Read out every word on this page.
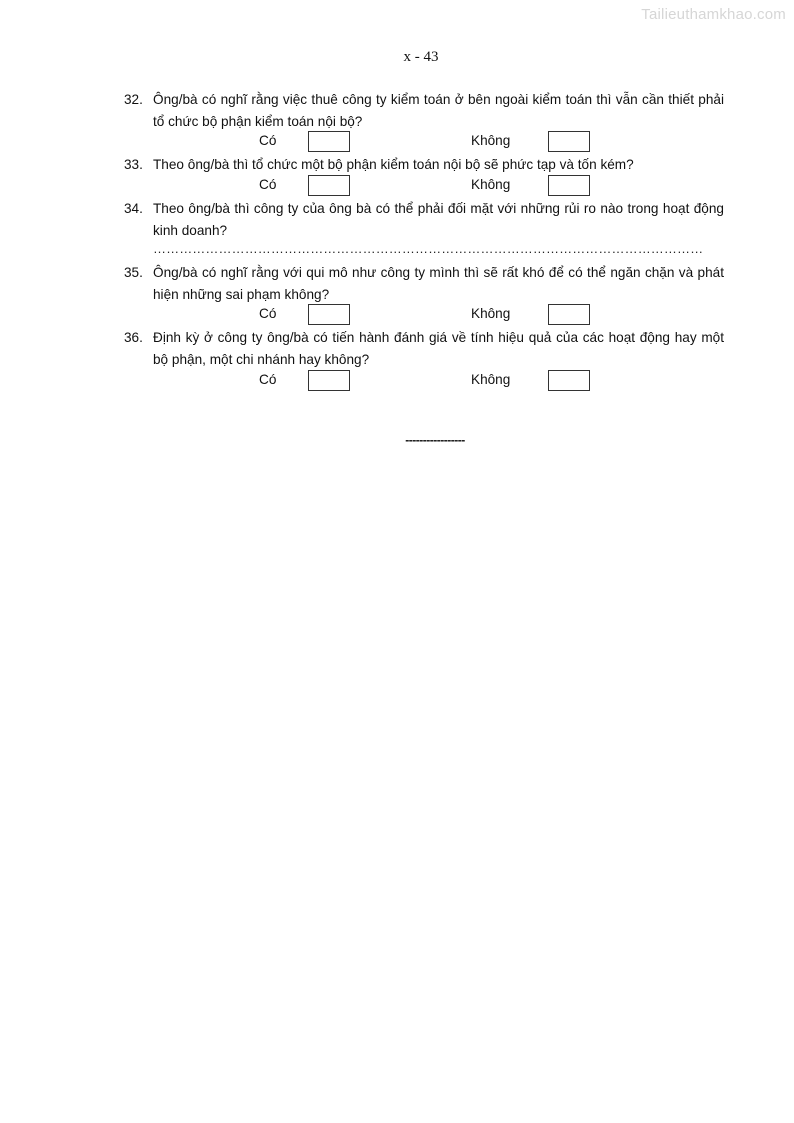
Tailieuthamkhao.com
x - 43
32. Ông/bà có nghĩ rằng việc thuê công ty kiểm toán ở bên ngoài kiểm toán thì vẫn cần thiết phải tổ chức bộ phận kiểm toán nội bộ?
Có	Không
33. Theo ông/bà thì tổ chức một bộ phận kiểm toán nội bộ sẽ phức tạp và tốn kém?
Có	Không
34. Theo ông/bà thì công ty của ông bà có thể phải đối mặt với những rủi ro nào trong hoạt động kinh doanh?
………………………………………………………………………………………………………………
35. Ông/bà có nghĩ rằng với qui mô như công ty mình thì sẽ rất khó để có thể ngăn chặn và phát hiện những sai phạm không?
Có	Không
36. Định kỳ ở công ty ông/bà có tiến hành đánh giá về tính hiệu quả của các hoạt động hay một bộ phận, một chi nhánh hay không?
Có	Không
-----------------
